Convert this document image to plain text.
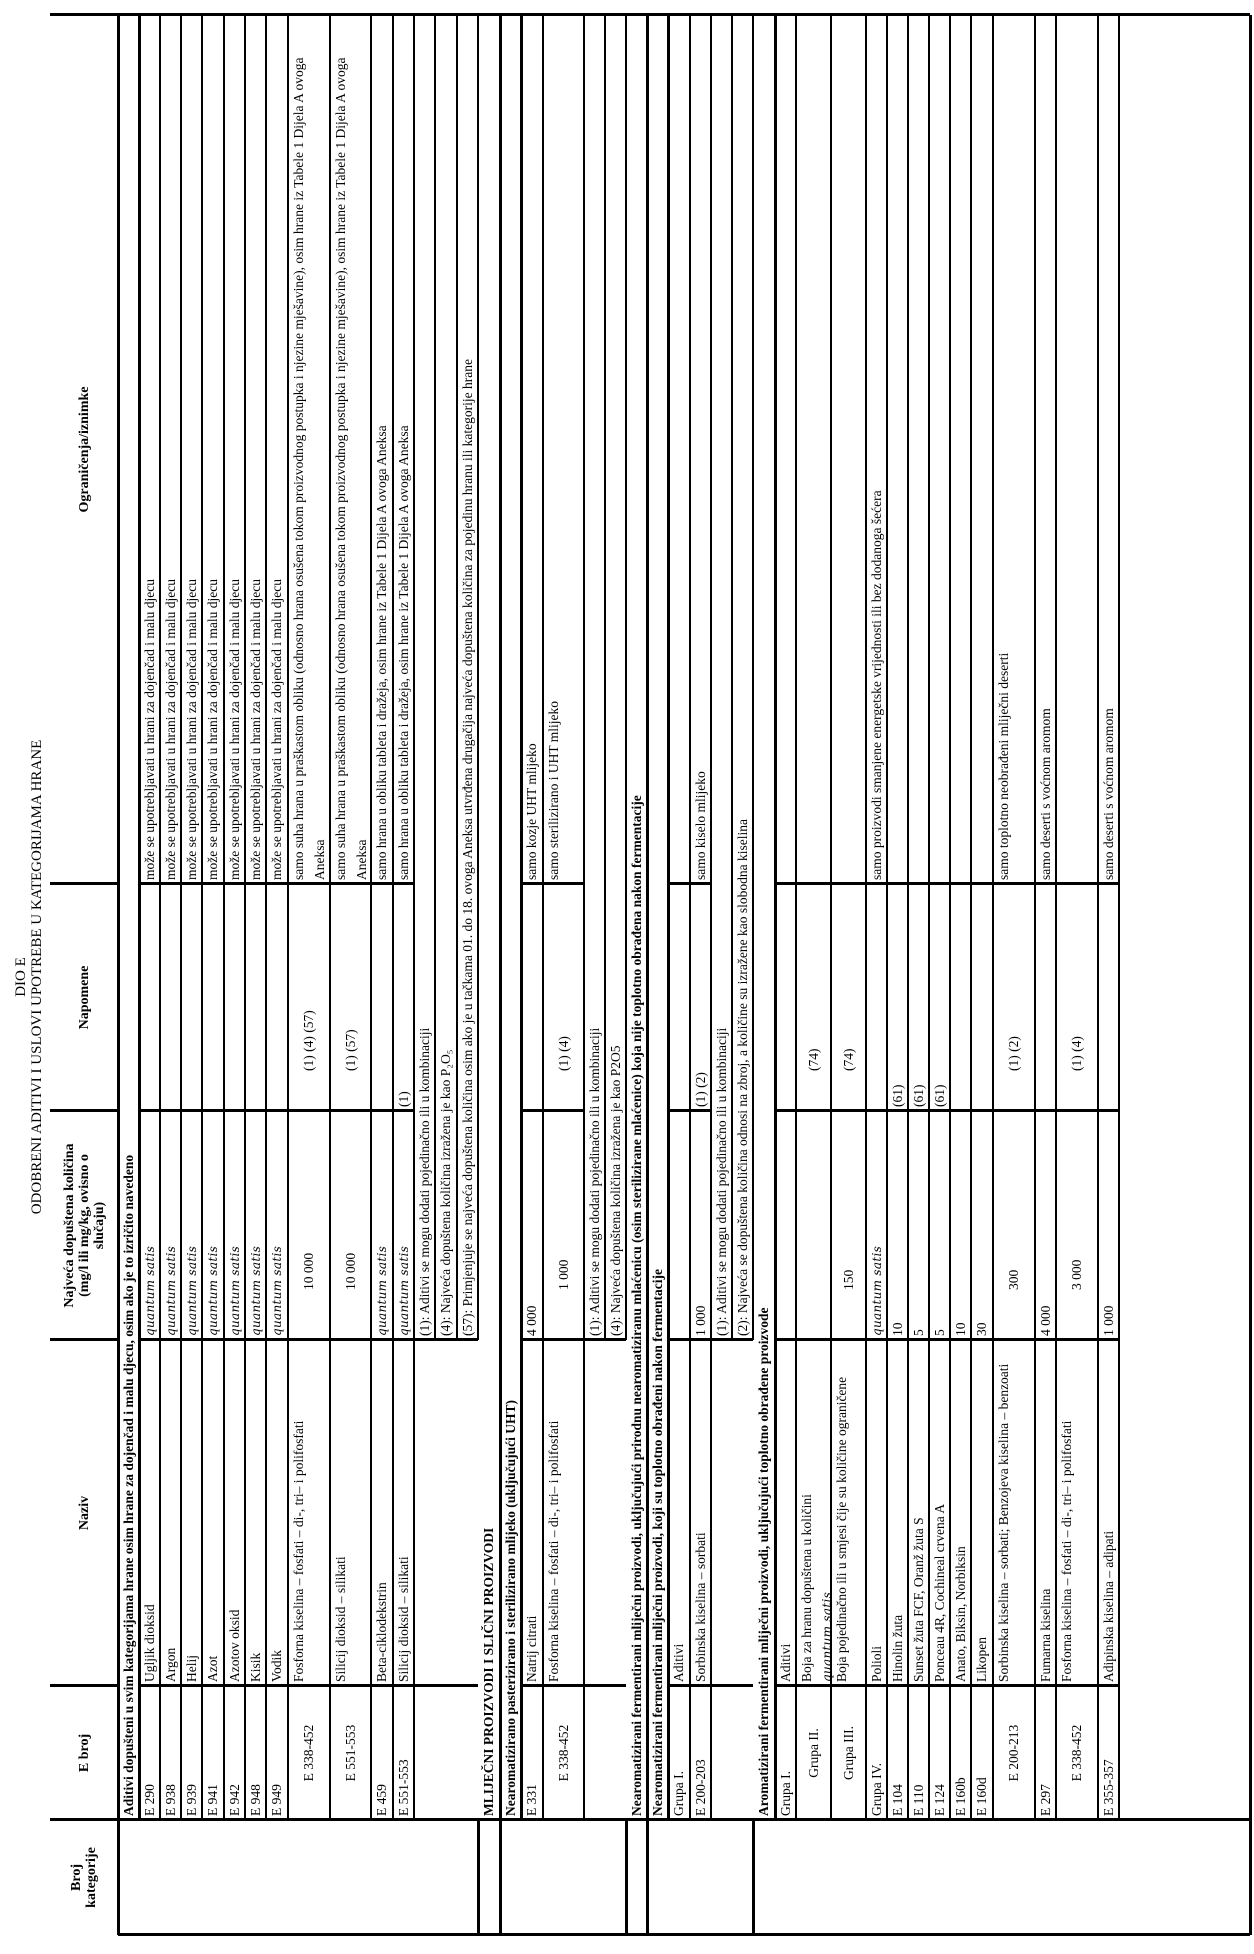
DIO E ODOBRENI ADITIVI I USLOVI UPOTREBE U KATEGORIJAMA HRANE
Broj kategorije
E broj
Naziv
Najveća dopuštena količina (mg/l ili mg/kg, ovisno o slučaju)
Napomene
Ograničenja/iznimke
Aditivi dopušteni u svim kategorijama hrane osim hrane za dojenčad i malu djecu, osim ako je to izričito navedeno E 290
Ugljik dioksid
quantum satis
može se upotrebljavati u hrani za dojenčad i malu djecu
E 938
Argon
quantum satis
može se upotrebljavati u hrani za dojenčad i malu djecu
E 939
Helij
quantum satis
može se upotrebljavati u hrani za dojenčad i malu djecu
E 941
Azot
quantum satis
može se upotrebljavati u hrani za dojenčad i malu djecu
E 942
Azotov oksid
quantum satis
može se upotrebljavati u hrani za dojenčad i malu djecu
E 948
Kisik
quantum satis
može se upotrebljavati u hrani za dojenčad i malu djecu
E 949
Vodik
quantum satis
može se upotrebljavati u hrani za dojenčad i malu djecu
E 338-452
Fosforna kiselina – fosfati – di-, tri– i polifosfati
10 000
(1) (4) (57)
samo suha hrana u praškastom obliku (odnosno hrana osušena tokom proizvodnog postupka i njezine mješavine), osim hrane iz Tabele 1 Dijela A ovoga Aneksa
E 551-553
Silicij dioksid – silikati
10 000
(1) (57)
samo suha hrana u praškastom obliku (odnosno hrana osušena tokom proizvodnog postupka i njezine mješavine), osim hrane iz Tabele 1 Dijela A ovoga Aneksa
E 459
Beta-ciklodekstrin
quantum satis
samo hrana u obliku tableta i dražeja, osim hrane iz Tabele 1 Dijela A ovoga Aneksa
E 551-553
Silicij dioksid – silikati
quantum satis
(1)
samo hrana u obliku tableta i dražeja, osim hrane iz Tabele 1 Dijela A ovoga Aneksa
(1): Aditivi se mogu dodati pojedinačno ili u kombinaciji (4): Najveća dopuštena količina izražena je kao P₂O₅ (57): Primjenjuje se najveća dopuštena količina osim ako je u tačkama 01. do 18. ovoga Aneksa utvrđena drugačija najveća dopuštena količina za pojedinu hranu ili kategorije hrane
MLIJEČNI PROIZVODI I SLIČNI PROIZVODI Nearomatizirano pasterizirano i sterilizirano mlijeko (uključujući UHT) E 331
Natrij citrati
4 000
samo kozje UHT mlijeko
E 338-452
Fosforna kiselina – fosfati – di-, tri– i polifosfati
1 000
(1) (4)
samo sterilizirano i UHT mlijeko
(1): Aditivi se mogu dodati pojedinačno ili u kombinaciji (4): Najveća dopuštena količina izražena je kao P2O5 Nearomatizirani fermentirani mliječni proizvodi, uključujući prirodnu nearomatiziranu mlaćenicu (osim sterilizirane mlaćenice) koja nije toplotno obrađena nakon fermentacije Nearomatizirani fermentirani mliječni proizvodi, koji su toplotno obrađeni nakon fermentacije Grupa I.
Aditivi
E 200-203
Sorbinska kiselina – sorbati
1 000
(1) (2)
samo kiselo mlijeko
(1): Aditivi se mogu dodati pojedinačno ili u kombinaciji (2): Najveća se dopuštena količina odnosi na zbroj, a količine su izražene kao slobodna kiselina
Aromatizirani fermentirani mliječni proizvodi, uključujući toplotno obrađene proizvode Grupa I.
Aditivi
Grupa II.
Boja za hranu dopuštena u količini quantum satis
(74)
Grupa III.
Boja pojedinačno ili u smjesi čije su količine ograničene
150
(74)
Grupa IV.
Polioli
quantum satis
samo proizvodi smanjene energetske vrijednosti ili bez dodanoga šećera
E 104
Hinolin žuta
10
(61)
E 110
Sunset žuta FCF, Oranž žuta S
5
(61)
E 124
Ponceau 4R, Cochineal crvena A
5
(61)
E 160b
Anato, Biksin, Norbiksin
10
E 160d
Likopen
30
E 200-213
Sorbinska kiselina – sorbati; Benzojeva kiselina – benzoati
300
(1) (2)
samo toplotno neobrađeni mliječni deserti
E 297
Fumarna kiselina
4 000
samo deserti s voćnom aromom
E 338-452
Fosforna kiselina – fosfati – di-, tri– i polifosfati
3 000
(1) (4)
E 355-357
Adipinska kiselina – adipati
1 000
samo deserti s voćnom aromom
